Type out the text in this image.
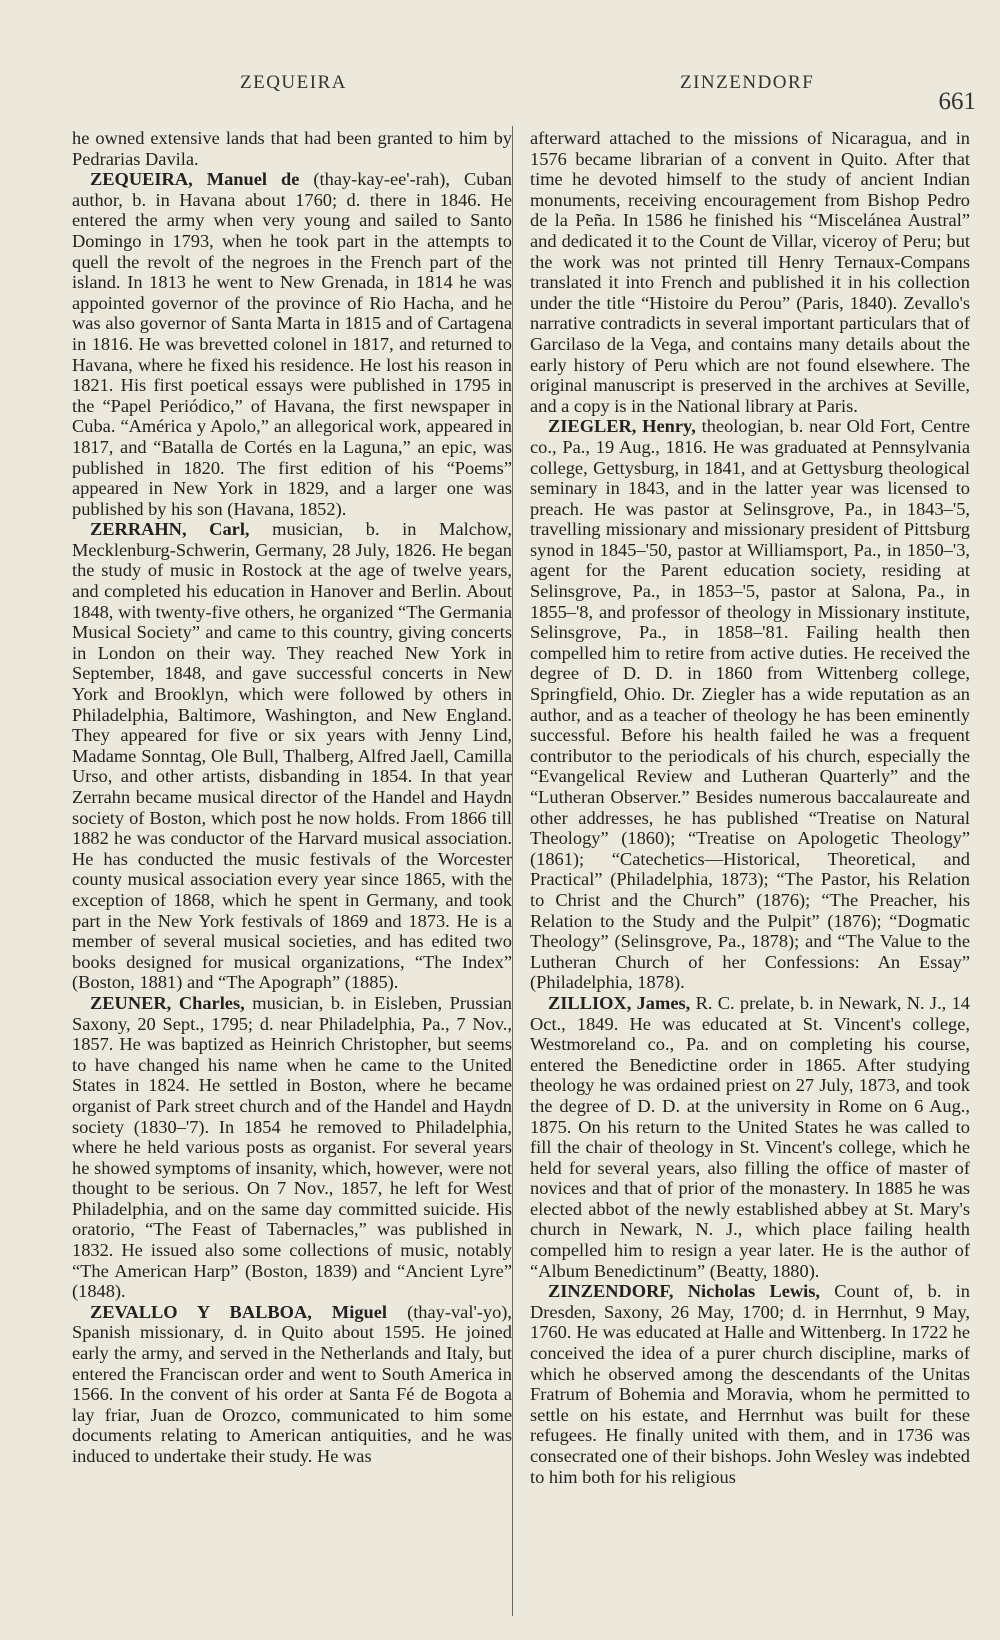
ZEQUEIRA	ZINZENDORF
661

he owned extensive lands that had been granted to him by Pedrarias Davila.

ZEQUEIRA, Manuel de (thay-kay-ee'-rah), Cuban author, b. in Havana about 1760; d. there in 1846. He entered the army when very young and sailed to Santo Domingo in 1793, when he took part in the attempts to quell the revolt of the negroes in the French part of the island. In 1813 he went to New Grenada, in 1814 he was appointed governor of the province of Rio Hacha, and he was also governor of Santa Marta in 1815 and of Cartagena in 1816. He was brevetted colonel in 1817, and returned to Havana, where he fixed his residence. He lost his reason in 1821. His first poetical essays were published in 1795 in the “Papel Periódico,” of Havana, the first newspaper in Cuba. “América y Apolo,” an allegorical work, appeared in 1817, and “Batalla de Cortés en la Laguna,” an epic, was published in 1820. The first edition of his “Poems” appeared in New York in 1829, and a larger one was published by his son (Havana, 1852).

ZERRAHN, Carl, musician, b. in Malchow, Mecklenburg-Schwerin, Germany, 28 July, 1826. He began the study of music in Rostock at the age of twelve years, and completed his education in Hanover and Berlin. About 1848, with twenty-five others, he organized “The Germania Musical Society” and came to this country, giving concerts in London on their way. They reached New York in September, 1848, and gave successful concerts in New York and Brooklyn, which were followed by others in Philadelphia, Baltimore, Washington, and New England. They appeared for five or six years with Jenny Lind, Madame Sonntag, Ole Bull, Thalberg, Alfred Jaell, Camilla Urso, and other artists, disbanding in 1854. In that year Zerrahn became musical director of the Handel and Haydn society of Boston, which post he now holds. From 1866 till 1882 he was conductor of the Harvard musical association. He has conducted the music festivals of the Worcester county musical association every year since 1865, with the exception of 1868, which he spent in Germany, and took part in the New York festivals of 1869 and 1873. He is a member of several musical societies, and has edited two books designed for musical organizations, “The Index” (Boston, 1881) and “The Apograph” (1885).

ZEUNER, Charles, musician, b. in Eisleben, Prussian Saxony, 20 Sept., 1795; d. near Philadelphia, Pa., 7 Nov., 1857. He was baptized as Heinrich Christopher, but seems to have changed his name when he came to the United States in 1824. He settled in Boston, where he became organist of Park street church and of the Handel and Haydn society (1830–'7). In 1854 he removed to Philadelphia, where he held various posts as organist. For several years he showed symptoms of insanity, which, however, were not thought to be serious. On 7 Nov., 1857, he left for West Philadelphia, and on the same day committed suicide. His oratorio, “The Feast of Tabernacles,” was published in 1832. He issued also some collections of music, notably “The American Harp” (Boston, 1839) and “Ancient Lyre” (1848).

ZEVALLO Y BALBOA, Miguel (thay-val'-yo), Spanish missionary, d. in Quito about 1595. He joined early the army, and served in the Netherlands and Italy, but entered the Franciscan order and went to South America in 1566. In the convent of his order at Santa Fé de Bogota a lay friar, Juan de Orozco, communicated to him some documents relating to American antiquities, and he was induced to undertake their study. He was

afterward attached to the missions of Nicaragua, and in 1576 became librarian of a convent in Quito. After that time he devoted himself to the study of ancient Indian monuments, receiving encouragement from Bishop Pedro de la Peña. In 1586 he finished his “Miscelánea Austral” and dedicated it to the Count de Villar, viceroy of Peru; but the work was not printed till Henry Ternaux-Compans translated it into French and published it in his collection under the title “Histoire du Perou” (Paris, 1840). Zevallo's narrative contradicts in several important particulars that of Garcilaso de la Vega, and contains many details about the early history of Peru which are not found elsewhere. The original manuscript is preserved in the archives at Seville, and a copy is in the National library at Paris.

ZIEGLER, Henry, theologian, b. near Old Fort, Centre co., Pa., 19 Aug., 1816. He was graduated at Pennsylvania college, Gettysburg, in 1841, and at Gettysburg theological seminary in 1843, and in the latter year was licensed to preach. He was pastor at Selinsgrove, Pa., in 1843–'5, travelling missionary and missionary president of Pittsburg synod in 1845–'50, pastor at Williamsport, Pa., in 1850–'3, agent for the Parent education society, residing at Selinsgrove, Pa., in 1853–'5, pastor at Salona, Pa., in 1855–'8, and professor of theology in Missionary institute, Selinsgrove, Pa., in 1858–'81. Failing health then compelled him to retire from active duties. He received the degree of D. D. in 1860 from Wittenberg college, Springfield, Ohio. Dr. Ziegler has a wide reputation as an author, and as a teacher of theology he has been eminently successful. Before his health failed he was a frequent contributor to the periodicals of his church, especially the “Evangelical Review and Lutheran Quarterly” and the “Lutheran Observer.” Besides numerous baccalaureate and other addresses, he has published “Treatise on Natural Theology” (1860); “Treatise on Apologetic Theology” (1861); “Catechetics—Historical, Theoretical, and Practical” (Philadelphia, 1873); “The Pastor, his Relation to Christ and the Church” (1876); “The Preacher, his Relation to the Study and the Pulpit” (1876); “Dogmatic Theology” (Selinsgrove, Pa., 1878); and “The Value to the Lutheran Church of her Confessions: An Essay” (Philadelphia, 1878).

ZILLIOX, James, R. C. prelate, b. in Newark, N. J., 14 Oct., 1849. He was educated at St. Vincent's college, Westmoreland co., Pa. and on completing his course, entered the Benedictine order in 1865. After studying theology he was ordained priest on 27 July, 1873, and took the degree of D. D. at the university in Rome on 6 Aug., 1875. On his return to the United States he was called to fill the chair of theology in St. Vincent's college, which he held for several years, also filling the office of master of novices and that of prior of the monastery. In 1885 he was elected abbot of the newly established abbey at St. Mary's church in Newark, N. J., which place failing health compelled him to resign a year later. He is the author of “Album Benedictinum” (Beatty, 1880).

ZINZENDORF, Nicholas Lewis, Count of, b. in Dresden, Saxony, 26 May, 1700; d. in Herrnhut, 9 May, 1760. He was educated at Halle and Wittenberg. In 1722 he conceived the idea of a purer church discipline, marks of which he observed among the descendants of the Unitas Fratrum of Bohemia and Moravia, whom he permitted to settle on his estate, and Herrnhut was built for these refugees. He finally united with them, and in 1736 was consecrated one of their bishops. John Wesley was indebted to him both for his religious
